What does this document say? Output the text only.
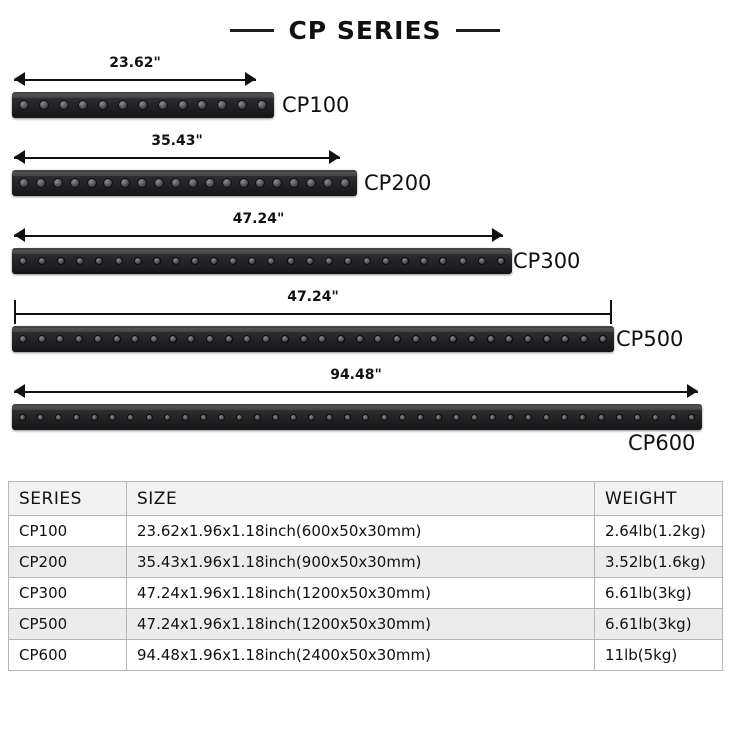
CP SERIES
23.62"
CP100
35.43"
CP200
47.24"
CP300
47.24"
CP500
94.48"
CP600
SERIES	SIZE	WEIGHT
CP100	23.62x1.96x1.18inch(600x50x30mm)	2.64lb(1.2kg)
CP200	35.43x1.96x1.18inch(900x50x30mm)	3.52lb(1.6kg)
CP300	47.24x1.96x1.18inch(1200x50x30mm)	6.61lb(3kg)
CP500	47.24x1.96x1.18inch(1200x50x30mm)	6.61lb(3kg)
CP600	94.48x1.96x1.18inch(2400x50x30mm)	11lb(5kg)
